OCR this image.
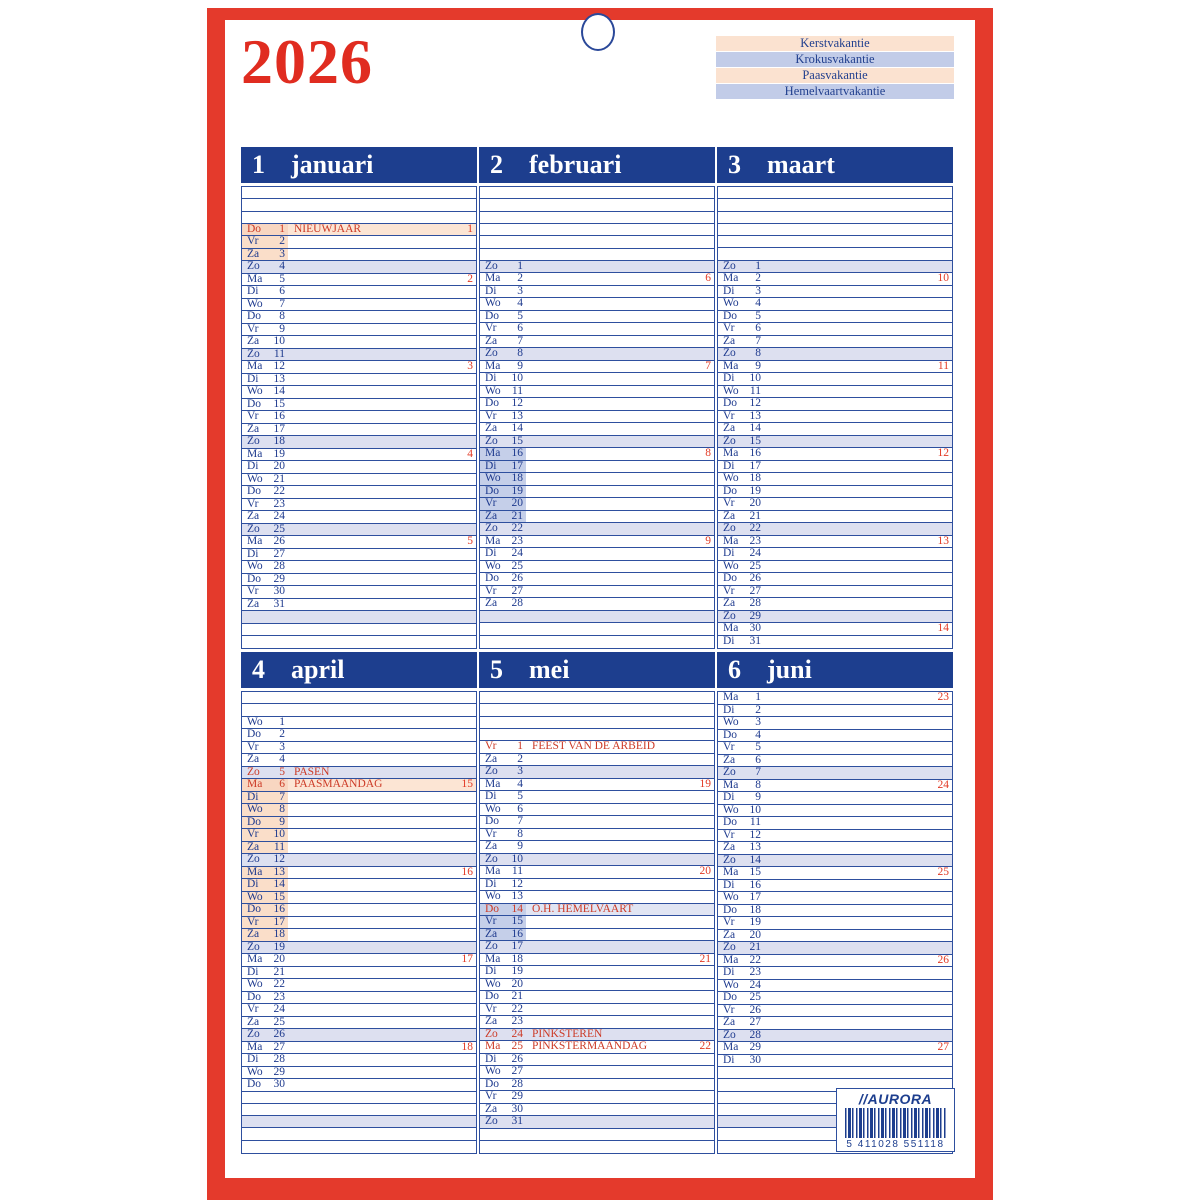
2026	Kerstvakantie
Krokusvakantie
Paasvakantie
Hemelvaartvakantie
1 januari
Do	1 NIEUWJAAR	1
Vr	2
Za	3
Zo	4
Ma	5	2
Di	6
Wo	7
Do	8
Vr	9
Za	10
Zo	11
Ma 12	3
Di	13
Wo 14
Do	15
Vr	16
Za	17
Zo	18
Ma 19	4
Di	20
Wo 21
Do	22
Vr	23
Za	24
Zo	25
Ma 26	5
Di	27
Wo 28
Do	29
Vr	30
Za	31
2 februari
Zo	1
Ma	2	6
Di	3
Wo	4
Do	5
Vr	6
Za	7
Zo	8
Ma	9	7
Di	10
Wo 11
Do	12
Vr	13
Za	14
Zo	15
Ma 16	8
Di	17
Wo 18
Do	19
Vr	20
Za	21
Zo	22
Ma 23	9
Di	24
Wo 25
Do	26
Vr	27
Za	28
3 maart
Zo	1
Ma	2	10
Di	3
Wo	4
Do	5
Vr	6
Za	7
Zo	8
Ma	9	11
Di	10
Wo 11
Do	12
Vr	13
Za	14
Zo	15
Ma 16	12
Di	17
Wo 18
Do	19
Vr	20
Za	21
Zo	22
Ma 23	13
Di	24
Wo 25
Do	26
Vr	27
Za	28
Zo	29
Ma 30	14
Di	31
4 april
Wo	1
Do	2
Vr	3
Za	4
Zo	5 PASEN
Ma	6 PAASMAANDAG	15
Di	7
Wo	8
Do	9
Vr	10
Za	11
Zo	12
Ma 13	16
Di	14
Wo 15
Do	16
Vr	17
Za	18
Zo	19
Ma 20	17
Di	21
Wo 22
Do	23
Vr	24
Za	25
Zo	26
Ma 27	18
Di	28
Wo 29
Do	30
5 mei
Vr	1 FEEST VAN DE ARBEID
Za	2
Zo	3
Ma	4	19
Di	5
Wo	6
Do	7
Vr	8
Za	9
Zo	10
Ma	11	20
Di	12
Wo 13
Do	14 O.H. HEMELVAART
Vr	15
Za	16
Zo	17
Ma 18	21
Di	19
Wo 20
Do	21
Vr	22
Za	23
Zo	24 PINKSTEREN
Ma 25 PINKSTERMAANDAG	22
Di	26
Wo 27
Do	28
Vr	29
Za	30
Zo	31
6 juni
Ma	1	23
Di	2
Wo	3
Do	4
Vr	5
Za	6
Zo	7
Ma	8	24
Di	9
Wo 10
Do	11
Vr	12
Za	13
Zo	14
Ma 15	25
Di	16
Wo 17
Do	18
Vr	19
Za	20
Zo	21
Ma 22	26
Di	23
Wo 24
Do	25
Vr	26
Za	27
Zo	28
Ma 29	27
Di	30
//AURORA
5 411028 551118
